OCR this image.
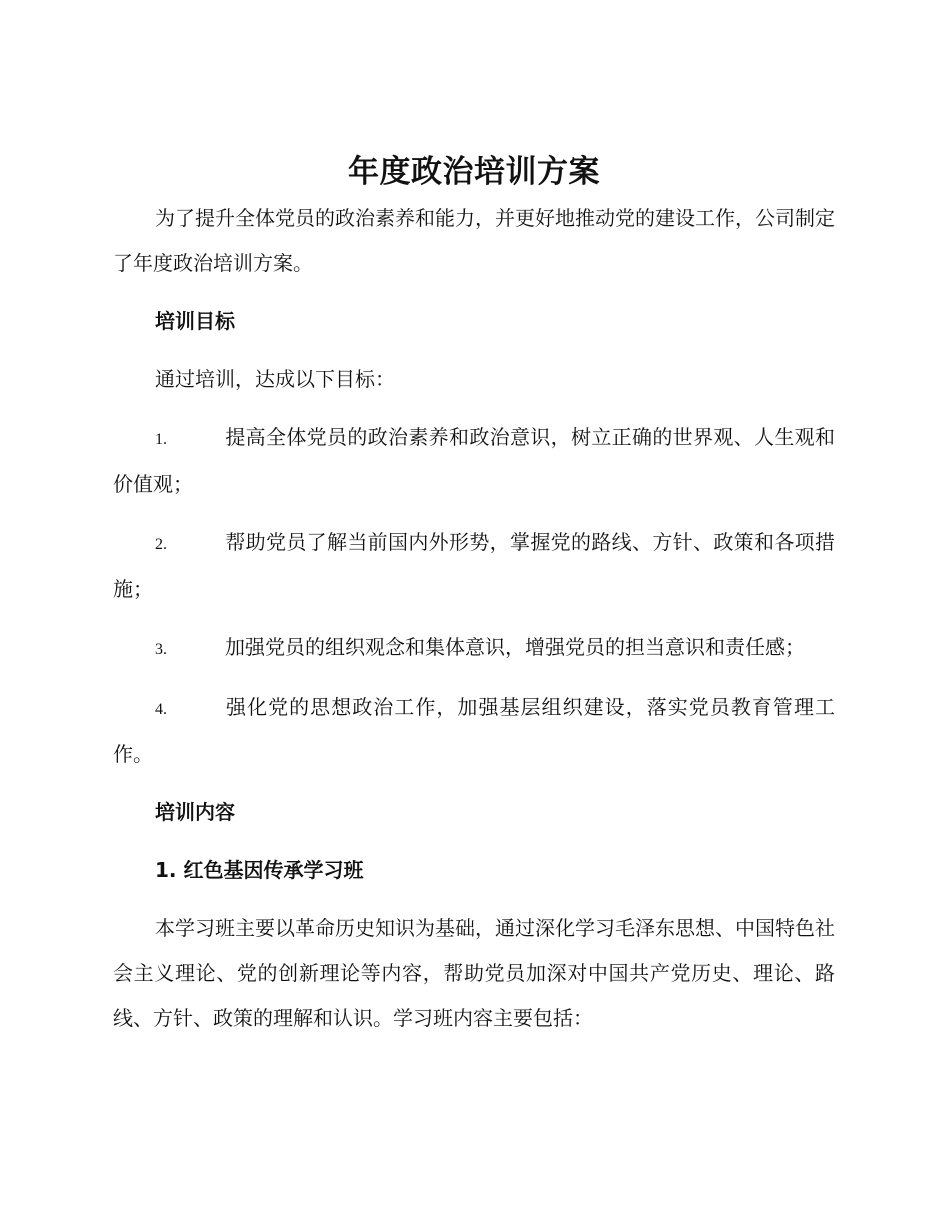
年度政治培训方案

为了提升全体党员的政治素养和能力，并更好地推动党的建设工作，公司制定了年度政治培训方案。

培训目标

通过培训，达成以下目标：

1.	提高全体党员的政治素养和政治意识，树立正确的世界观、人生观和价值观；

2.	帮助党员了解当前国内外形势，掌握党的路线、方针、政策和各项措施；

3.	加强党员的组织观念和集体意识，增强党员的担当意识和责任感；

4.	强化党的思想政治工作，加强基层组织建设，落实党员教育管理工作。

培训内容

1. 红色基因传承学习班

本学习班主要以革命历史知识为基础，通过深化学习毛泽东思想、中国特色社会主义理论、党的创新理论等内容，帮助党员加深对中国共产党历史、理论、路线、方针、政策的理解和认识。学习班内容主要包括：
